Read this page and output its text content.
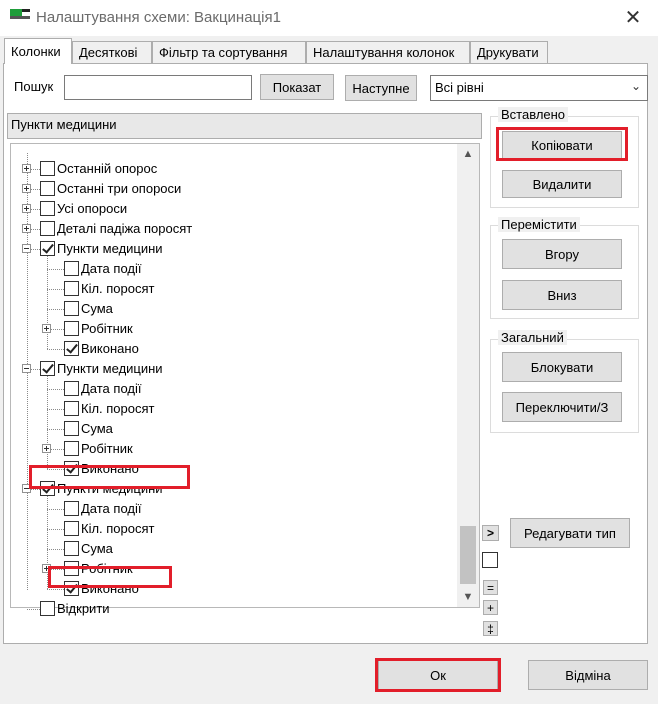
Налаштування схеми: Вакцинація1	✕
Десяткові	Фільтр та сортування	Налаштування колонок	Друкувати
Колонки
Пошук	Показат	Наступне	Всі рівні	⌄
Пункти медицини
Останній опорос
Останні три опороси
Усі опороси
Деталі падіжа поросят
Пункти медицини
Дата події
Кіл. поросят
Сума
Робітник
Виконано
Пункти медицини
Дата події
Кіл. поросят
Сума
Робітник
Виконано
Пункти медицини
Дата події
Кіл. поросят
Сума
Робітник
Виконано
Відкрити
▲
▼
Вставлено
Копіювати
Видалити
Перемістити
Вгору
Вниз
Загальний
Блокувати
Переключити/З
>
=
+
‡
Редагувати тип
Ок	Відміна
